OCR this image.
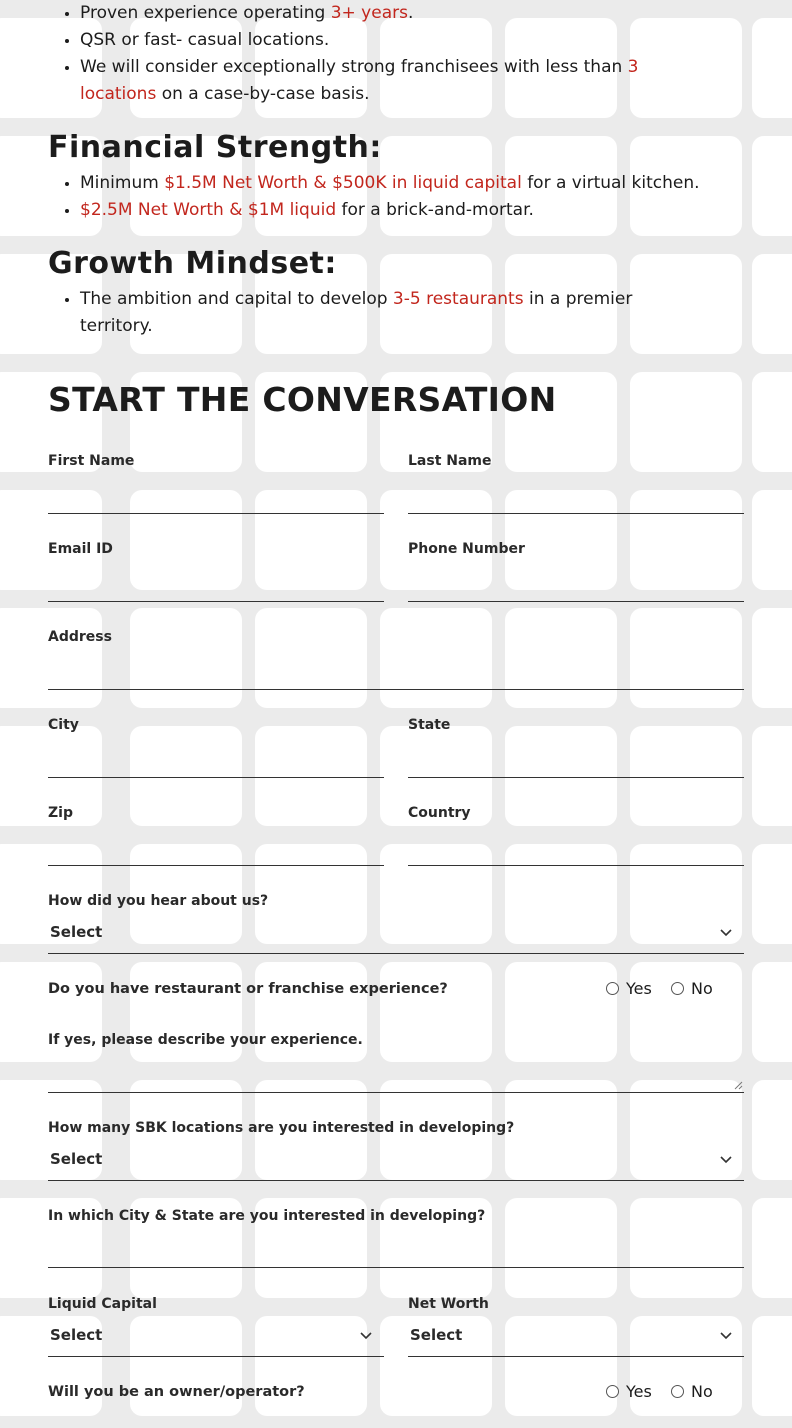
Proven experience operating 3+ years.
QSR or fast- casual locations.
We will consider exceptionally strong franchisees with less than 3 locations on a case-by-case basis.
Financial Strength:
Minimum $1.5M Net Worth & $500K in liquid capital for a virtual kitchen.
$2.5M Net Worth & $1M liquid for a brick-and-mortar.
Growth Mindset:
The ambition and capital to develop 3-5 restaurants in a premier territory.
START THE CONVERSATION
First Name	Last Name
Email ID	Phone Number
Address
City	State
Zip	Country
How did you hear about us?
Select
Do you have restaurant or franchise experience?	Yes No
If yes, please describe your experience.
How many SBK locations are you interested in developing?
Select
In which City & State are you interested in developing?
Liquid Capital
Select
Net Worth
Select
Will you be an owner/operator?	Yes No
